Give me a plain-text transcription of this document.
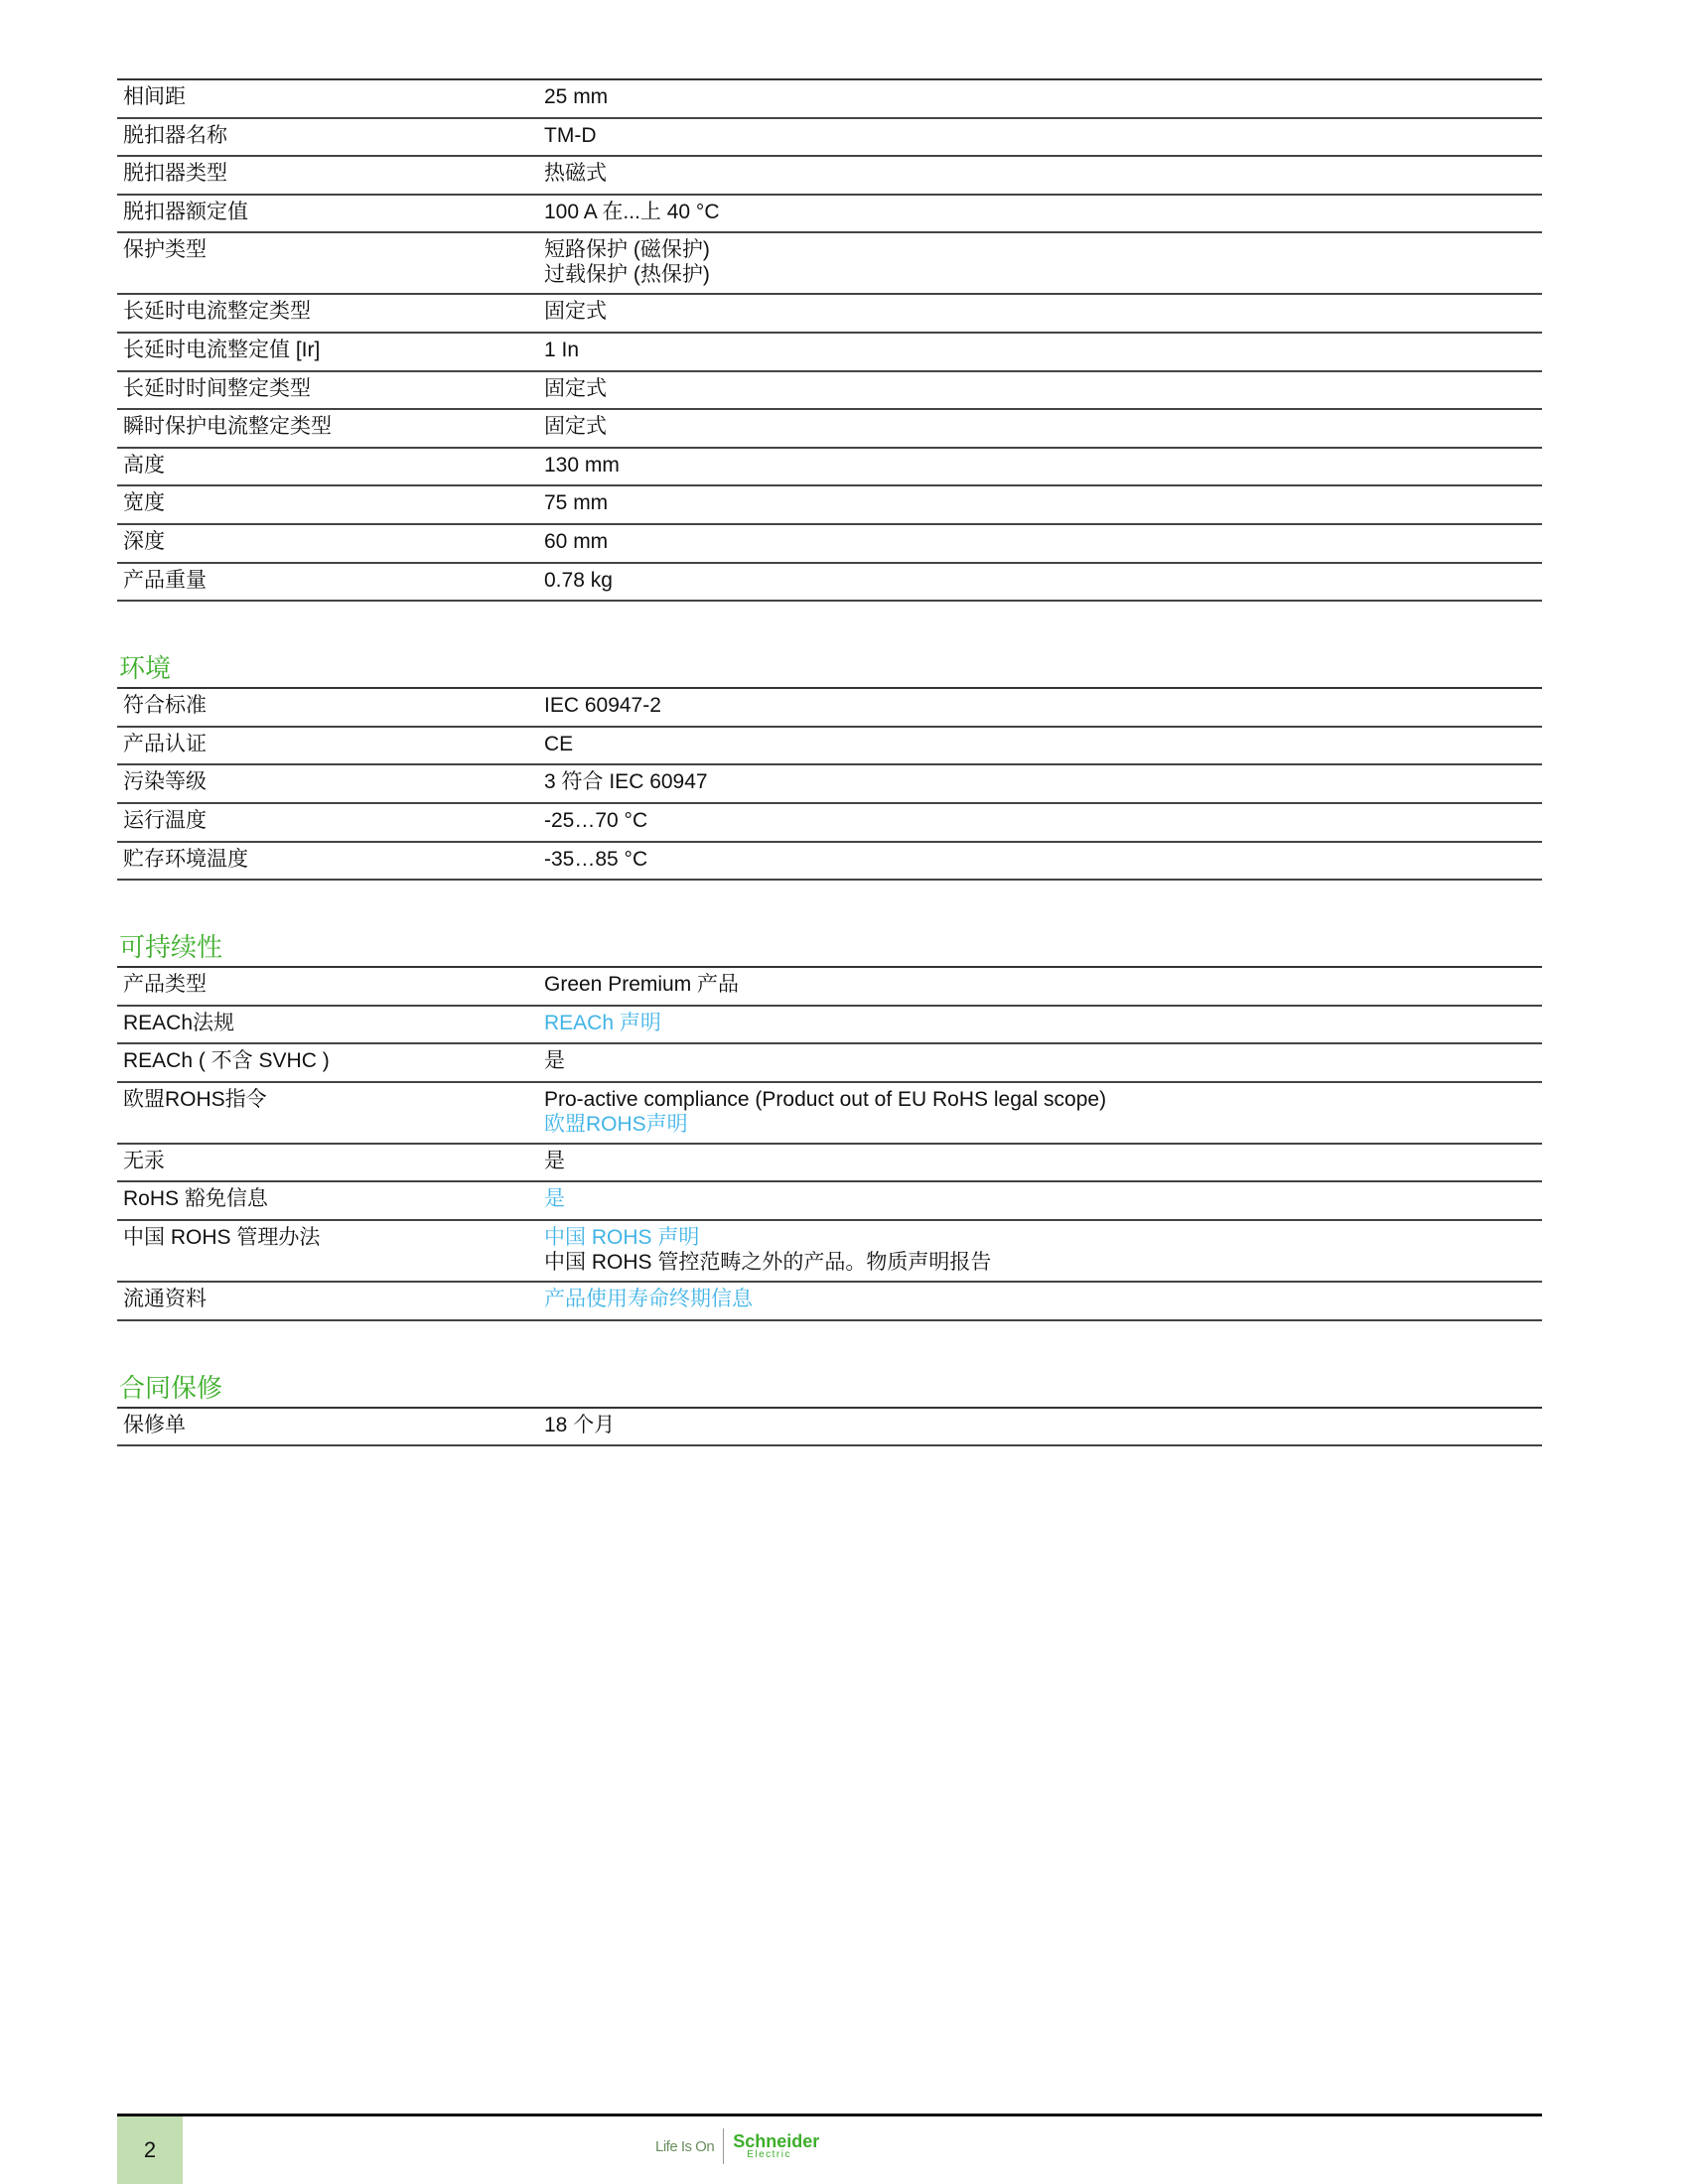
相间距	25 mm
脱扣器名称	TM-D
脱扣器类型	热磁式
脱扣器额定值	100 A 在...上 40 °C
保护类型	短路保护 (磁保护)
过载保护 (热保护)
长延时电流整定类型	固定式
长延时电流整定值 [Ir]	1 In
长延时时间整定类型	固定式
瞬时保护电流整定类型	固定式
高度	130 mm
宽度	75 mm
深度	60 mm
产品重量	0.78 kg
环境
符合标准	IEC 60947-2
产品认证	CE
污染等级	3 符合 IEC 60947
运行温度	-25…70 °C
贮存环境温度	-35…85 °C
可持续性
产品类型	Green Premium 产品
REACh法规	REACh 声明
REACh ( 不含 SVHC )	是
欧盟ROHS指令	Pro-active compliance (Product out of EU RoHS legal scope)
欧盟ROHS声明
无汞	是
RoHS 豁免信息	是
中国 ROHS 管理办法	中国 ROHS 声明
中国 ROHS 管控范畴之外的产品。物质声明报告
流通资料	产品使用寿命终期信息
合同保修
保修单	18 个月
2	Life Is On Schneider
Electric
